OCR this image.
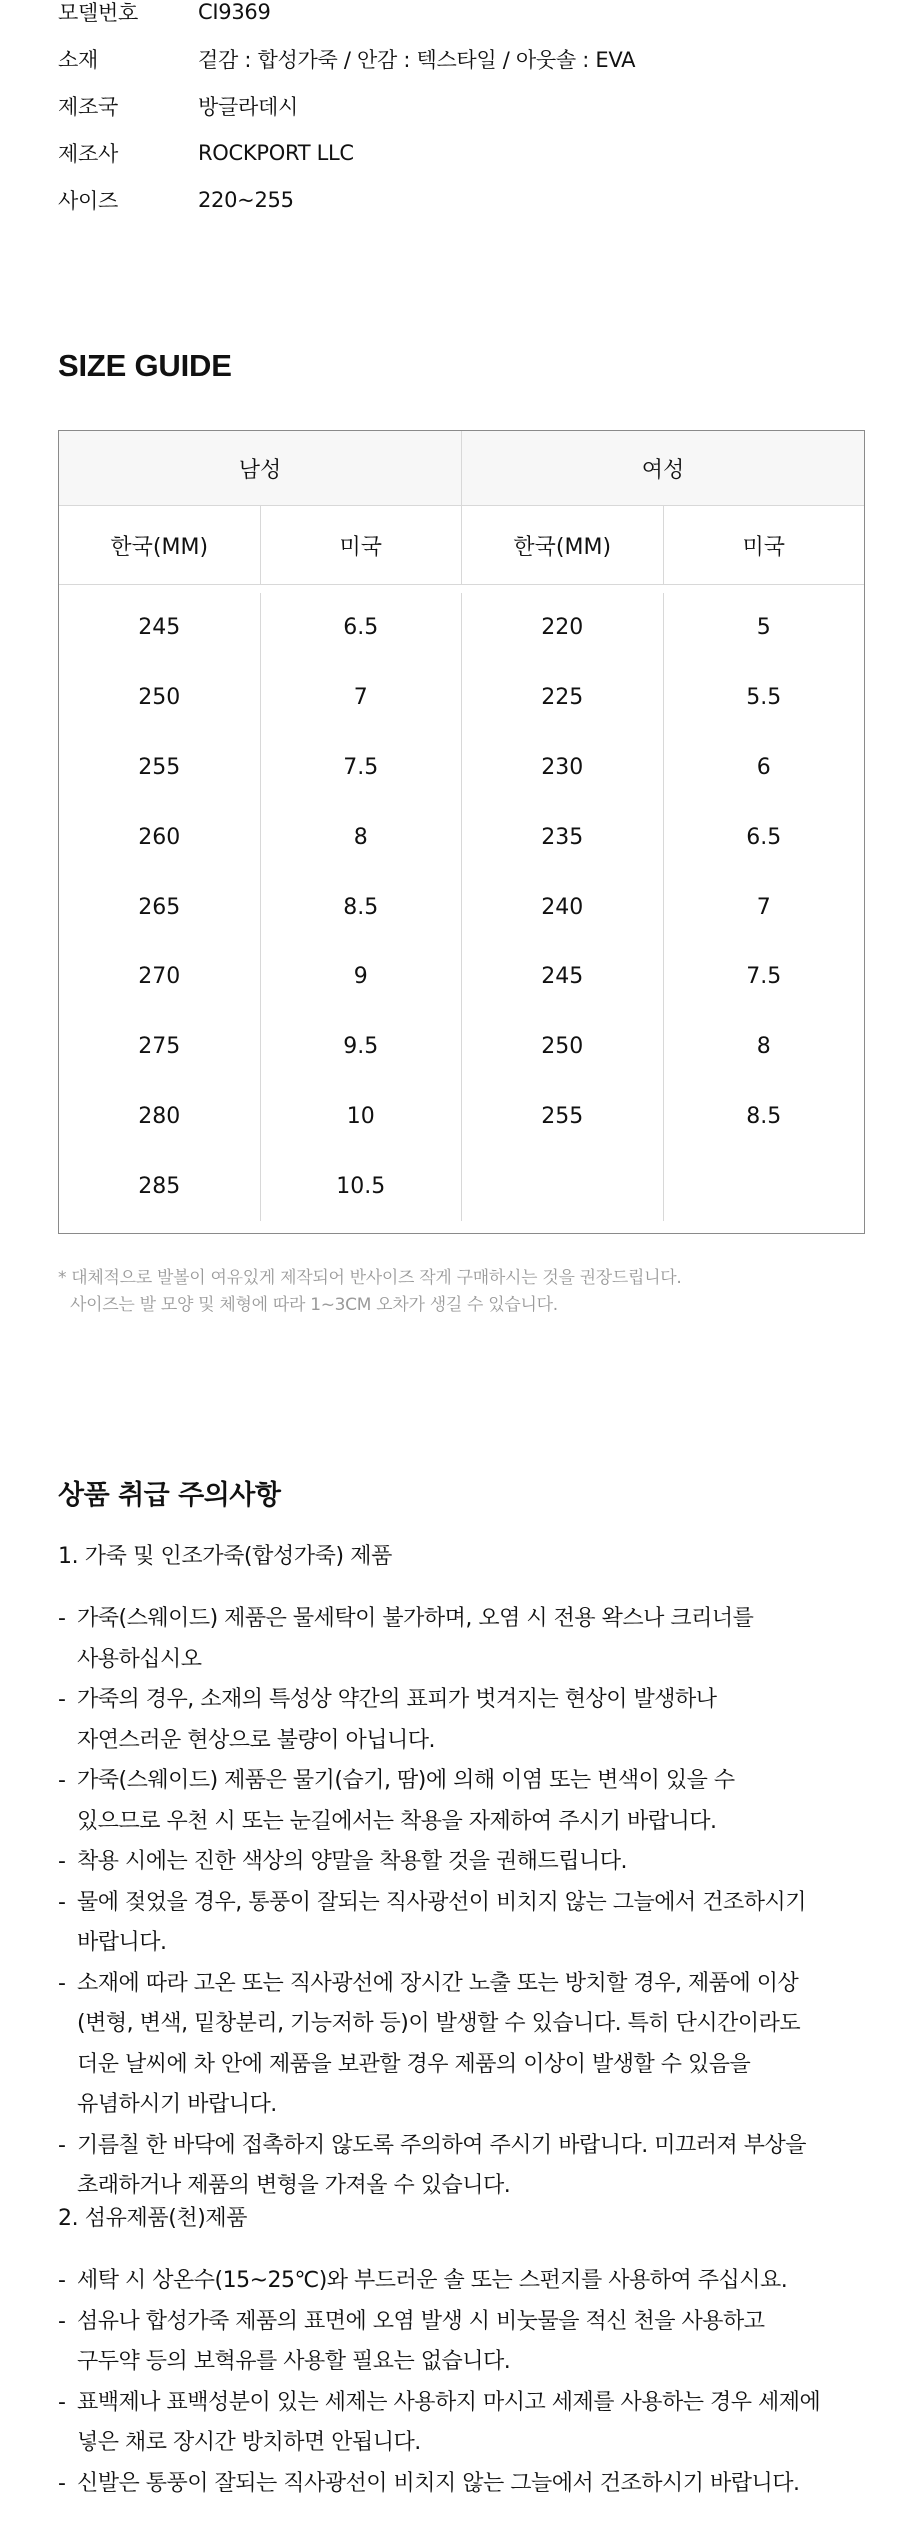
모델번호	CI9369
소재	겉감 : 합성가죽 / 안감 : 텍스타일 / 아웃솔 : EVA
제조국	방글라데시
제조사	ROCKPORT LLC
사이즈	220~255
SIZE GUIDE
남성	여성
한국(MM)	미국	한국(MM)	미국
245	6.5	220	5
250	7	225	5.5
255	7.5	230	6
260	8	235	6.5
265	8.5	240	7
270	9	245	7.5
275	9.5	250	8
280	10	255	8.5
285	10.5
* 대체적으로 발볼이 여유있게 제작되어 반사이즈 작게 구매하시는 것을 권장드립니다.
사이즈는 발 모양 및 체형에 따라 1~3CM 오차가 생길 수 있습니다.
상품 취급 주의사항
1. 가죽 및 인조가죽(합성가죽) 제품
- 가죽(스웨이드) 제품은 물세탁이 불가하며, 오염 시 전용 왁스나 크리너를
사용하십시오
- 가죽의 경우, 소재의 특성상 약간의 표피가 벗겨지는 현상이 발생하나
자연스러운 현상으로 불량이 아닙니다.
- 가죽(스웨이드) 제품은 물기(습기, 땀)에 의해 이염 또는 변색이 있을 수
있으므로 우천 시 또는 눈길에서는 착용을 자제하여 주시기 바랍니다.
- 착용 시에는 진한 색상의 양말을 착용할 것을 권해드립니다.
- 물에 젖었을 경우, 통풍이 잘되는 직사광선이 비치지 않는 그늘에서 건조하시기
바랍니다.
- 소재에 따라 고온 또는 직사광선에 장시간 노출 또는 방치할 경우, 제품에 이상
(변형, 변색, 밑창분리, 기능저하 등)이 발생할 수 있습니다. 특히 단시간이라도
더운 날씨에 차 안에 제품을 보관할 경우 제품의 이상이 발생할 수 있음을
유념하시기 바랍니다.
- 기름칠 한 바닥에 접촉하지 않도록 주의하여 주시기 바랍니다. 미끄러져 부상을
초래하거나 제품의 변형을 가져올 수 있습니다.
2. 섬유제품(천)제품
- 세탁 시 상온수(15~25℃)와 부드러운 솔 또는 스펀지를 사용하여 주십시요.
- 섬유나 합성가죽 제품의 표면에 오염 발생 시 비눗물을 적신 천을 사용하고
구두약 등의 보혁유를 사용할 필요는 없습니다.
- 표백제나 표백성분이 있는 세제는 사용하지 마시고 세제를 사용하는 경우 세제에
넣은 채로 장시간 방치하면 안됩니다.
- 신발은 통풍이 잘되는 직사광선이 비치지 않는 그늘에서 건조하시기 바랍니다.
